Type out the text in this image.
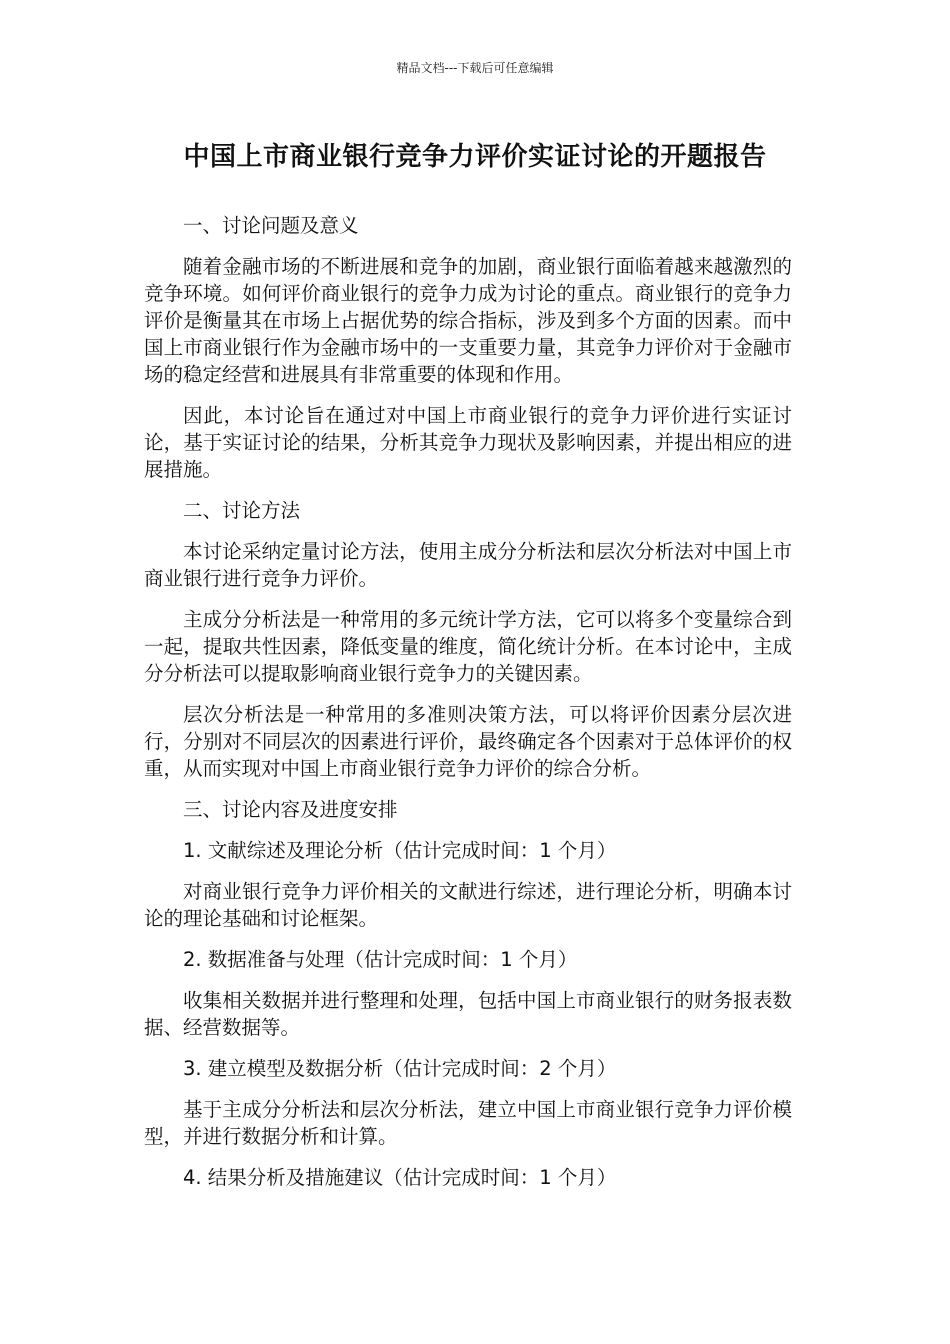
精品文档---下载后可任意编辑
中国上市商业银行竞争力评价实证讨论的开题报告

一、讨论问题及意义

随着金融市场的不断进展和竞争的加剧，商业银行面临着越来越激烈的竞争环境。如何评价商业银行的竞争力成为讨论的重点。商业银行的竞争力评价是衡量其在市场上占据优势的综合指标，涉及到多个方面的因素。而中国上市商业银行作为金融市场中的一支重要力量，其竞争力评价对于金融市场的稳定经营和进展具有非常重要的体现和作用。

因此，本讨论旨在通过对中国上市商业银行的竞争力评价进行实证讨论，基于实证讨论的结果，分析其竞争力现状及影响因素，并提出相应的进展措施。

二、讨论方法

本讨论采纳定量讨论方法，使用主成分分析法和层次分析法对中国上市商业银行进行竞争力评价。

主成分分析法是一种常用的多元统计学方法，它可以将多个变量综合到一起，提取共性因素，降低变量的维度，简化统计分析。在本讨论中，主成分分析法可以提取影响商业银行竞争力的关键因素。

层次分析法是一种常用的多准则决策方法，可以将评价因素分层次进行，分别对不同层次的因素进行评价，最终确定各个因素对于总体评价的权重，从而实现对中国上市商业银行竞争力评价的综合分析。

三、讨论内容及进度安排

1. 文献综述及理论分析（估计完成时间：1 个月）

对商业银行竞争力评价相关的文献进行综述，进行理论分析，明确本讨论的理论基础和讨论框架。

2. 数据准备与处理（估计完成时间：1 个月）

收集相关数据并进行整理和处理，包括中国上市商业银行的财务报表数据、经营数据等。

3. 建立模型及数据分析（估计完成时间：2 个月）

基于主成分分析法和层次分析法，建立中国上市商业银行竞争力评价模型，并进行数据分析和计算。

4. 结果分析及措施建议（估计完成时间：1 个月）
